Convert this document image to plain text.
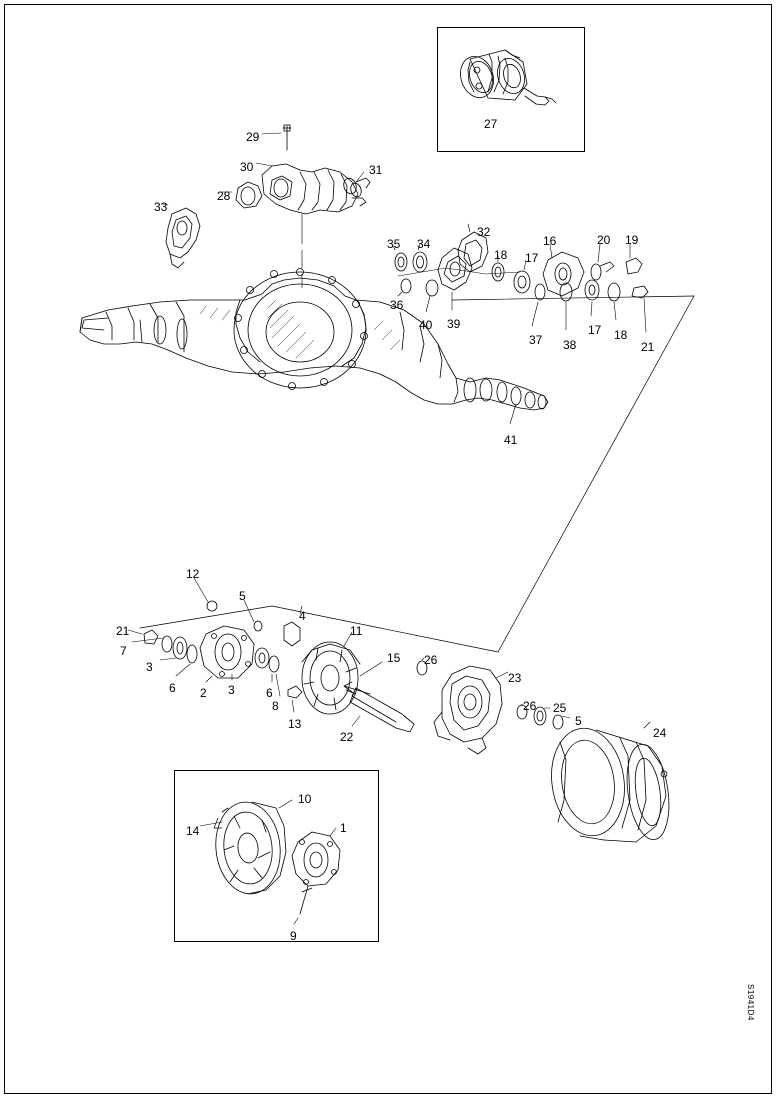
27
29
30	31
28
33
32
35 34
18 17
16	20 19
36
40 39
37 38
17 18
21
41
12
5
4
11
21
7
3
6 2 3	6
8
13
22
15 26
23
26 25
5
24
14
10
1
9
S1941D4
